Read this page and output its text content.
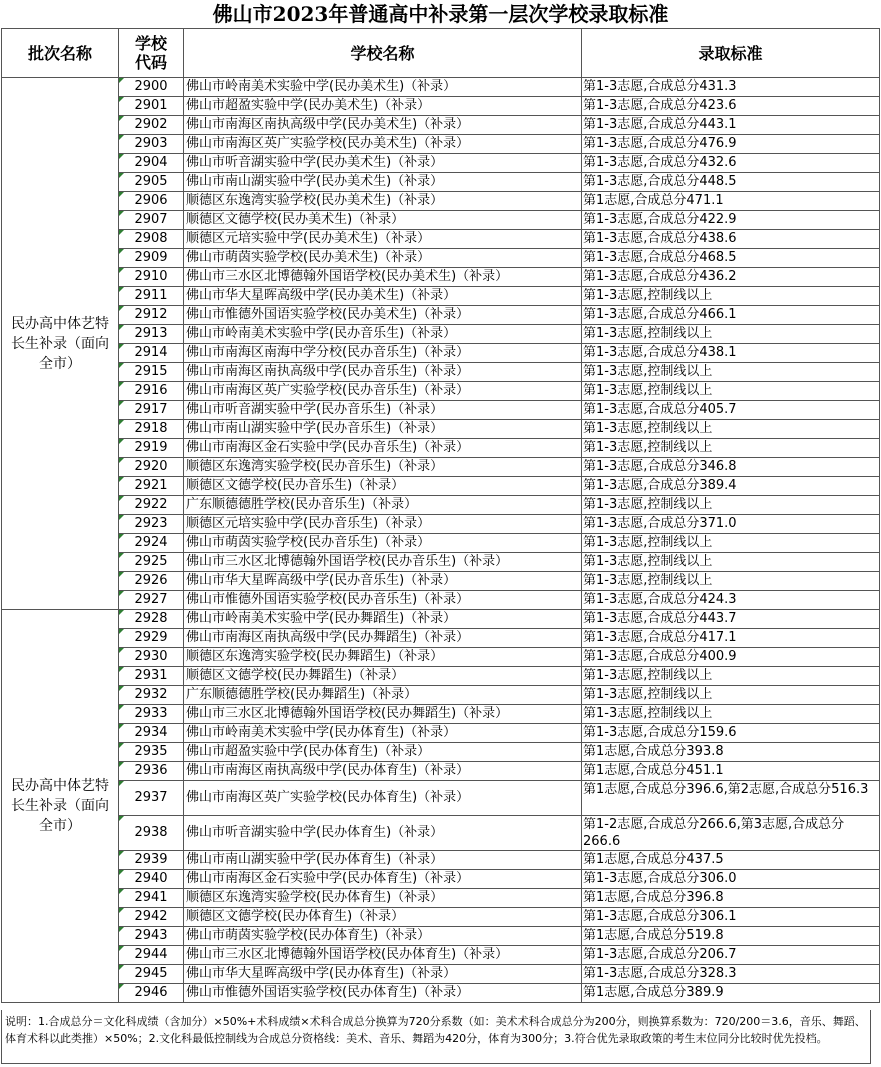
佛山市2023年普通高中补录第一层次学校录取标准
批次名称	学校代码	学校名称	录取标准
民办高中体艺特长生补录（面向全市）	2900	佛山市岭南美术实验中学(民办美术生)（补录）	第1-3志愿,合成总分431.3
	2901	佛山市超盈实验中学(民办美术生)（补录）	第1-3志愿,合成总分423.6
	2902	佛山市南海区南执高级中学(民办美术生)（补录）	第1-3志愿,合成总分443.1
	2903	佛山市南海区英广实验学校(民办美术生)（补录）	第1-3志愿,合成总分476.9
	2904	佛山市听音湖实验中学(民办美术生)（补录）	第1-3志愿,合成总分432.6
	2905	佛山市南山湖实验中学(民办美术生)（补录）	第1-3志愿,合成总分448.5
	2906	顺德区东逸湾实验学校(民办美术生)（补录）	第1志愿,合成总分471.1
	2907	顺德区文德学校(民办美术生)（补录）	第1-3志愿,合成总分422.9
	2908	顺德区元培实验中学(民办美术生)（补录）	第1-3志愿,合成总分438.6
	2909	佛山市萌茵实验学校(民办美术生)（补录）	第1-3志愿,合成总分468.5
	2910	佛山市三水区北博德翰外国语学校(民办美术生)（补录）	第1-3志愿,合成总分436.2
	2911	佛山市华大星晖高级中学(民办美术生)（补录）	第1-3志愿,控制线以上
	2912	佛山市惟德外国语实验学校(民办美术生)（补录）	第1-3志愿,合成总分466.1
	2913	佛山市岭南美术实验中学(民办音乐生)（补录）	第1-3志愿,控制线以上
	2914	佛山市南海区南海中学分校(民办音乐生)（补录）	第1-3志愿,合成总分438.1
	2915	佛山市南海区南执高级中学(民办音乐生)（补录）	第1-3志愿,控制线以上
	2916	佛山市南海区英广实验学校(民办音乐生)（补录）	第1-3志愿,控制线以上
	2917	佛山市听音湖实验中学(民办音乐生)（补录）	第1-3志愿,合成总分405.7
	2918	佛山市南山湖实验中学(民办音乐生)（补录）	第1-3志愿,控制线以上
	2919	佛山市南海区金石实验中学(民办音乐生)（补录）	第1-3志愿,控制线以上
	2920	顺德区东逸湾实验学校(民办音乐生)（补录）	第1-3志愿,合成总分346.8
	2921	顺德区文德学校(民办音乐生)（补录）	第1-3志愿,合成总分389.4
	2922	广东顺德德胜学校(民办音乐生)（补录）	第1-3志愿,控制线以上
	2923	顺德区元培实验中学(民办音乐生)（补录）	第1-3志愿,合成总分371.0
	2924	佛山市萌茵实验学校(民办音乐生)（补录）	第1-3志愿,控制线以上
	2925	佛山市三水区北博德翰外国语学校(民办音乐生)（补录）	第1-3志愿,控制线以上
	2926	佛山市华大星晖高级中学(民办音乐生)（补录）	第1-3志愿,控制线以上
	2927	佛山市惟德外国语实验学校(民办音乐生)（补录）	第1-3志愿,合成总分424.3
民办高中体艺特长生补录（面向全市）	2928	佛山市岭南美术实验中学(民办舞蹈生)（补录）	第1-3志愿,合成总分443.7
	2929	佛山市南海区南执高级中学(民办舞蹈生)（补录）	第1-3志愿,合成总分417.1
	2930	顺德区东逸湾实验学校(民办舞蹈生)（补录）	第1-3志愿,合成总分400.9
	2931	顺德区文德学校(民办舞蹈生)（补录）	第1-3志愿,控制线以上
	2932	广东顺德德胜学校(民办舞蹈生)（补录）	第1-3志愿,控制线以上
	2933	佛山市三水区北博德翰外国语学校(民办舞蹈生)（补录）	第1-3志愿,控制线以上
	2934	佛山市岭南美术实验中学(民办体育生)（补录）	第1-3志愿,合成总分159.6
	2935	佛山市超盈实验中学(民办体育生)（补录）	第1志愿,合成总分393.8
	2936	佛山市南海区南执高级中学(民办体育生)（补录）	第1志愿,合成总分451.1
	2937	佛山市南海区英广实验学校(民办体育生)（补录）	第1志愿,合成总分396.6,第2志愿,合成总分516.3
	2938	佛山市听音湖实验中学(民办体育生)（补录）	第1-2志愿,合成总分266.6,第3志愿,合成总分266.6
	2939	佛山市南山湖实验中学(民办体育生)（补录）	第1志愿,合成总分437.5
	2940	佛山市南海区金石实验中学(民办体育生)（补录）	第1-3志愿,合成总分306.0
	2941	顺德区东逸湾实验学校(民办体育生)（补录）	第1志愿,合成总分396.8
	2942	顺德区文德学校(民办体育生)（补录）	第1-3志愿,合成总分306.1
	2943	佛山市萌茵实验学校(民办体育生)（补录）	第1志愿,合成总分519.8
	2944	佛山市三水区北博德翰外国语学校(民办体育生)（补录）	第1-3志愿,合成总分206.7
	2945	佛山市华大星晖高级中学(民办体育生)（补录）	第1-3志愿,合成总分328.3
	2946	佛山市惟德外国语实验学校(民办体育生)（补录）	第1志愿,合成总分389.9
说明：1.合成总分＝文化科成绩（含加分）×50%+术科成绩×术科合成总分换算为720分系数（如：美术术科合成总分为200分，则换算系数为：720/200＝3.6，音乐、舞蹈、体育术科以此类推）×50%；2.文化科最低控制线为合成总分资格线：美术、音乐、舞蹈为420分，体育为300分；3.符合优先录取政策的考生末位同分比较时优先投档。
